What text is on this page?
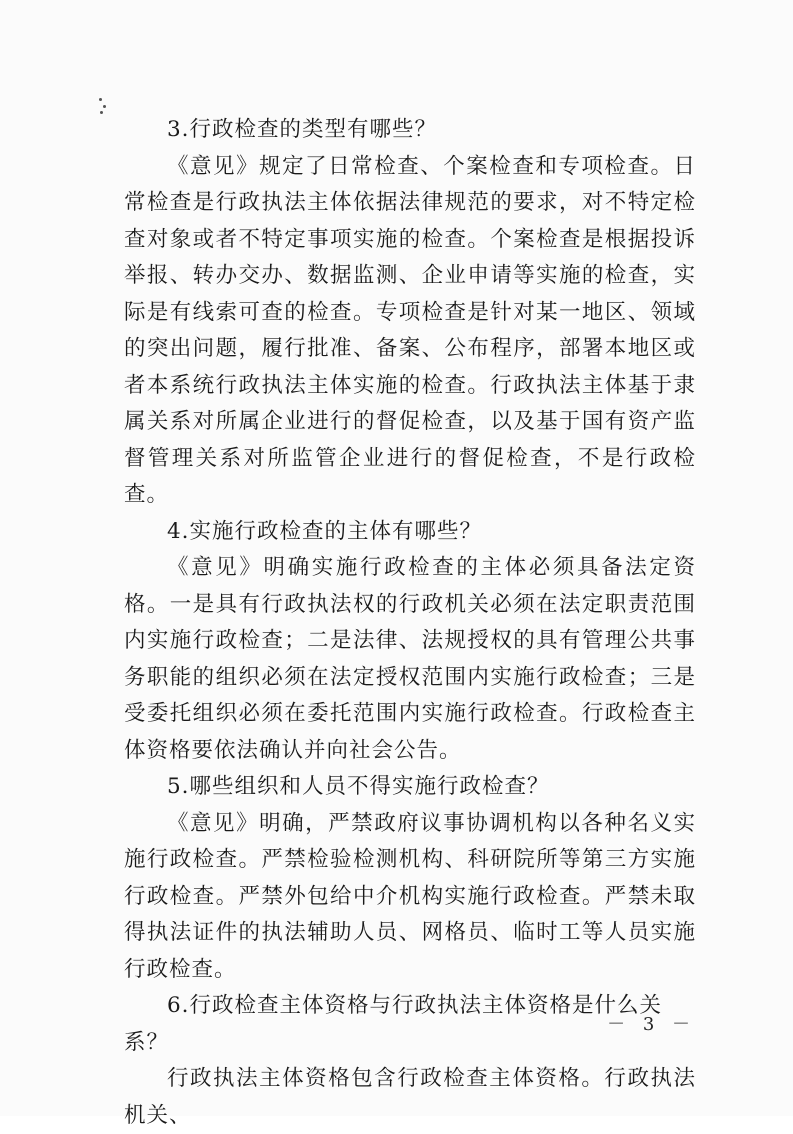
3.行政检查的类型有哪些？

《意见》规定了日常检查、个案检查和专项检查。日常检查是行政执法主体依据法律规范的要求，对不特定检查对象或者不特定事项实施的检查。个案检查是根据投诉举报、转办交办、数据监测、企业申请等实施的检查，实际是有线索可查的检查。专项检查是针对某一地区、领域的突出问题，履行批准、备案、公布程序，部署本地区或者本系统行政执法主体实施的检查。行政执法主体基于隶属关系对所属企业进行的督促检查，以及基于国有资产监督管理关系对所监管企业进行的督促检查，不是行政检查。

4.实施行政检查的主体有哪些？

《意见》明确实施行政检查的主体必须具备法定资格。一是具有行政执法权的行政机关必须在法定职责范围内实施行政检查；二是法律、法规授权的具有管理公共事务职能的组织必须在法定授权范围内实施行政检查；三是受委托组织必须在委托范围内实施行政检查。行政检查主体资格要依法确认并向社会公告。

5.哪些组织和人员不得实施行政检查？

《意见》明确，严禁政府议事协调机构以各种名义实施行政检查。严禁检验检测机构、科研院所等第三方实施行政检查。严禁外包给中介机构实施行政检查。严禁未取得执法证件的执法辅助人员、网格员、临时工等人员实施行政检查。

6.行政检查主体资格与行政执法主体资格是什么关系？

行政执法主体资格包含行政检查主体资格。行政执法机关、

－ 3 －
